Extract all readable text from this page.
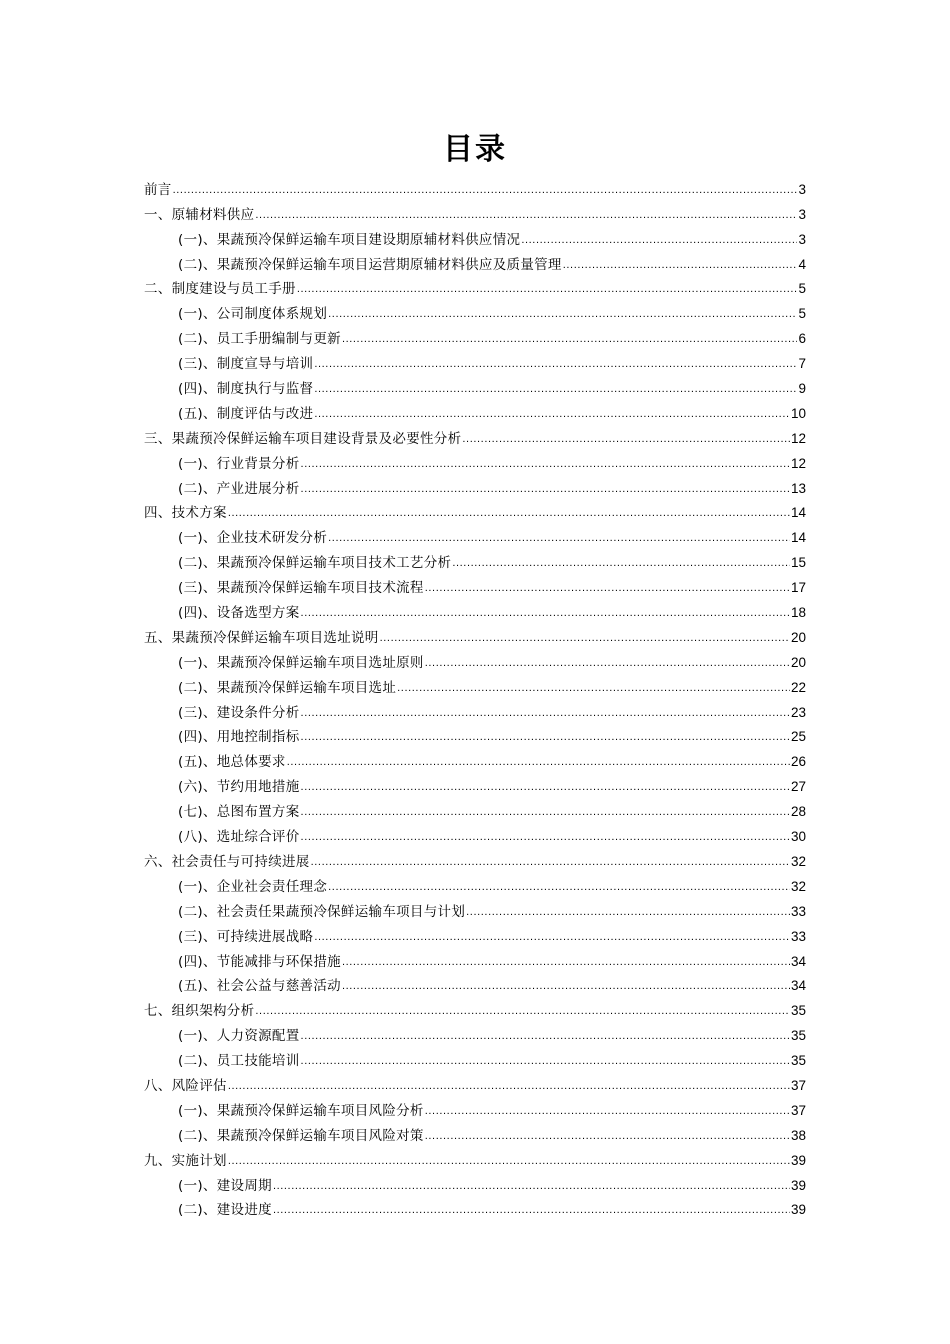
目录
前言 .....	3
一、原辅材料供应 .....	3
(一)、果蔬预冷保鲜运输车项目建设期原辅材料供应情况 .....	3
(二)、果蔬预冷保鲜运输车项目运营期原辅材料供应及质量管理 .....	4
二、制度建设与员工手册 .....	5
(一)、公司制度体系规划 .....	5
(二)、员工手册编制与更新 .....	6
(三)、制度宣导与培训 .....	7
(四)、制度执行与监督 .....	9
(五)、制度评估与改进 .....	10
三、果蔬预冷保鲜运输车项目建设背景及必要性分析 .....	12
(一)、行业背景分析 .....	12
(二)、产业进展分析 .....	13
四、技术方案 .....	14
(一)、企业技术研发分析 .....	14
(二)、果蔬预冷保鲜运输车项目技术工艺分析 .....	15
(三)、果蔬预冷保鲜运输车项目技术流程 .....	17
(四)、设备选型方案 .....	18
五、果蔬预冷保鲜运输车项目选址说明 .....	20
(一)、果蔬预冷保鲜运输车项目选址原则 .....	20
(二)、果蔬预冷保鲜运输车项目选址 .....	22
(三)、建设条件分析 .....	23
(四)、用地控制指标 .....	25
(五)、地总体要求 .....	26
(六)、节约用地措施 .....	27
(七)、总图布置方案 .....	28
(八)、选址综合评价 .....	30
六、社会责任与可持续进展 .....	32
(一)、企业社会责任理念 .....	32
(二)、社会责任果蔬预冷保鲜运输车项目与计划 .....	33
(三)、可持续进展战略 .....	33
(四)、节能减排与环保措施 .....	34
(五)、社会公益与慈善活动 .....	34
七、组织架构分析 .....	35
(一)、人力资源配置 .....	35
(二)、员工技能培训 .....	35
八、风险评估 .....	37
(一)、果蔬预冷保鲜运输车项目风险分析 .....	37
(二)、果蔬预冷保鲜运输车项目风险对策 .....	38
九、实施计划 .....	39
(一)、建设周期 .....	39
(二)、建设进度 .....	39
